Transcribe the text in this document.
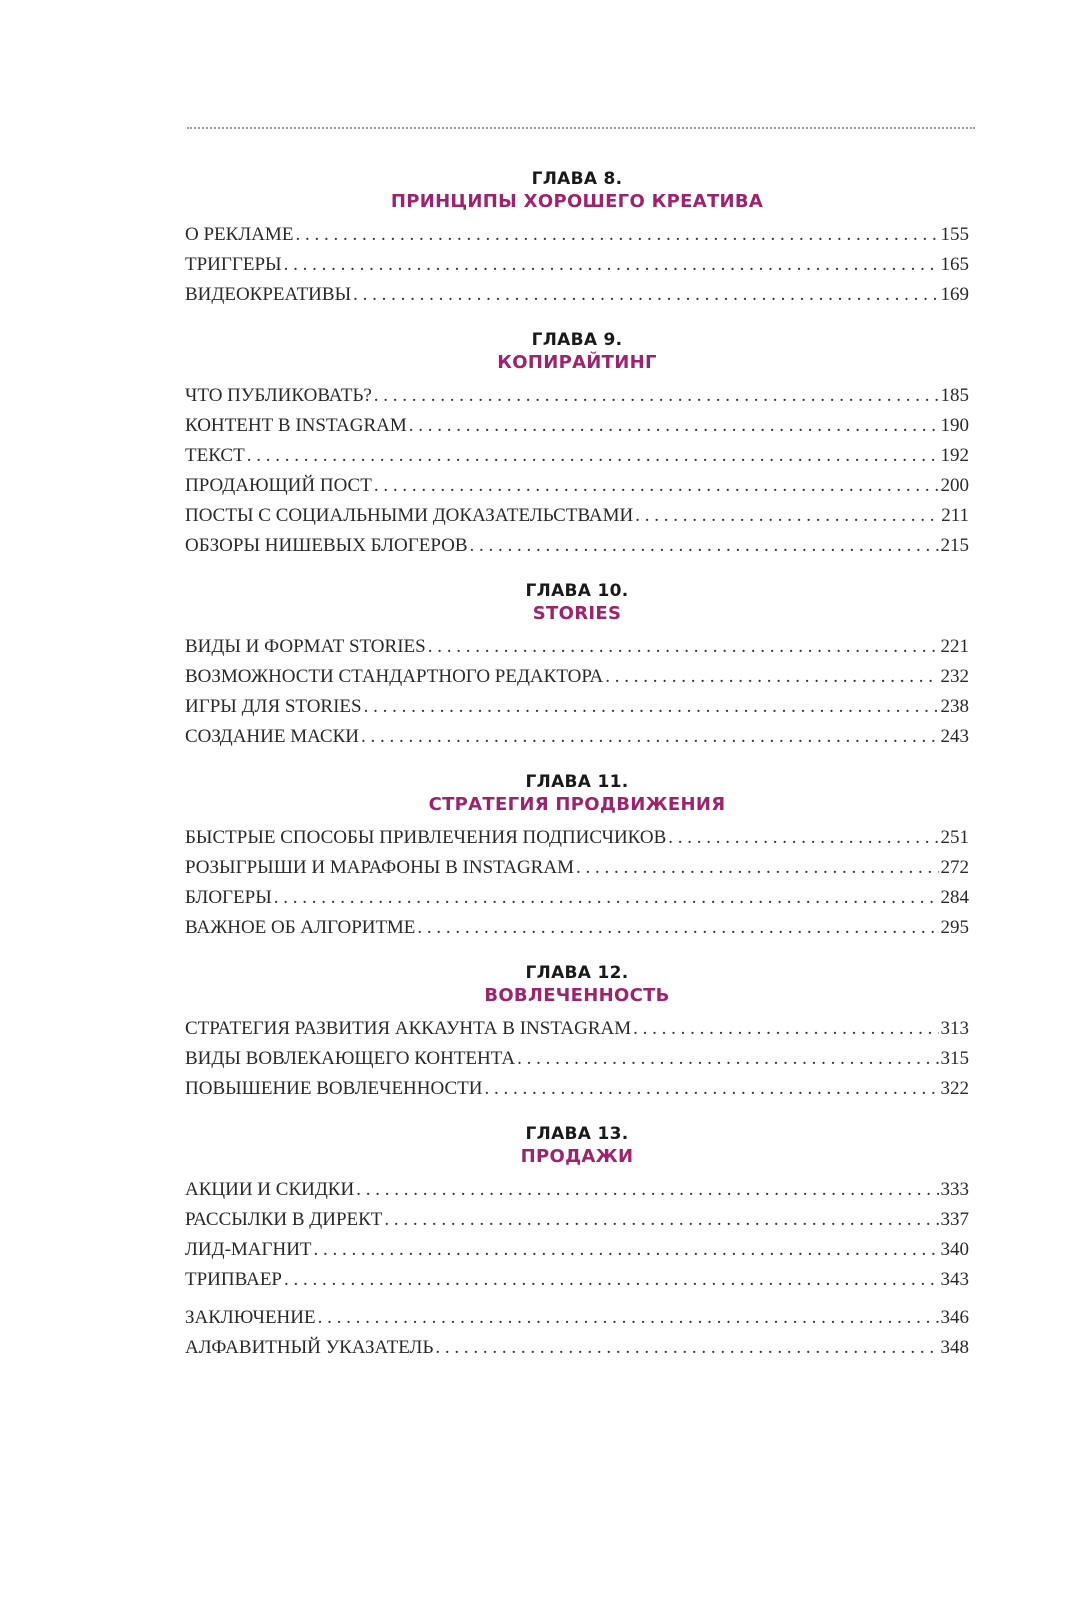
ГЛАВА 8.
ПРИНЦИПЫ ХОРОШЕГО КРЕАТИВА
О РЕКЛАМЕ . . .	155
ТРИГГЕРЫ . . .	165
ВИДЕОКРЕАТИВЫ . . .	169
ГЛАВА 9.
КОПИРАЙТИНГ
ЧТО ПУБЛИКОВАТЬ? . . .	185
КОНТЕНТ В INSTAGRAM . . .	190
ТЕКСТ . . .	192
ПРОДАЮЩИЙ ПОСТ . . .	200
ПОСТЫ С СОЦИАЛЬНЫМИ ДОКАЗАТЕЛЬСТВАМИ . . .	211
ОБЗОРЫ НИШЕВЫХ БЛОГЕРОВ . . .	215
ГЛАВА 10.
STORIES
ВИДЫ И ФОРМАТ STORIES . . .	221
ВОЗМОЖНОСТИ СТАНДАРТНОГО РЕДАКТОРА . . .	232
ИГРЫ ДЛЯ STORIES . . .	238
СОЗДАНИЕ МАСКИ . . .	243
ГЛАВА 11.
СТРАТЕГИЯ ПРОДВИЖЕНИЯ
БЫСТРЫЕ СПОСОБЫ ПРИВЛЕЧЕНИЯ ПОДПИСЧИКОВ . . .	251
РОЗЫГРЫШИ И МАРАФОНЫ В INSTAGRAM . . .	272
БЛОГЕРЫ . . .	284
ВАЖНОЕ ОБ АЛГОРИТМЕ . . .	295
ГЛАВА 12.
ВОВЛЕЧЕННОСТЬ
СТРАТЕГИЯ РАЗВИТИЯ АККАУНТА В INSTAGRAM . . .	313
ВИДЫ ВОВЛЕКАЮЩЕГО КОНТЕНТА . . .	315
ПОВЫШЕНИЕ ВОВЛЕЧЕННОСТИ . . .	322
ГЛАВА 13.
ПРОДАЖИ
АКЦИИ И СКИДКИ . . .	333
РАССЫЛКИ В ДИРЕКТ . . .	337
ЛИД-МАГНИТ . . .	340
ТРИПВАЕР . . .	343
ЗАКЛЮЧЕНИЕ . . .	346
АЛФАВИТНЫЙ УКАЗАТЕЛЬ . . .	348
